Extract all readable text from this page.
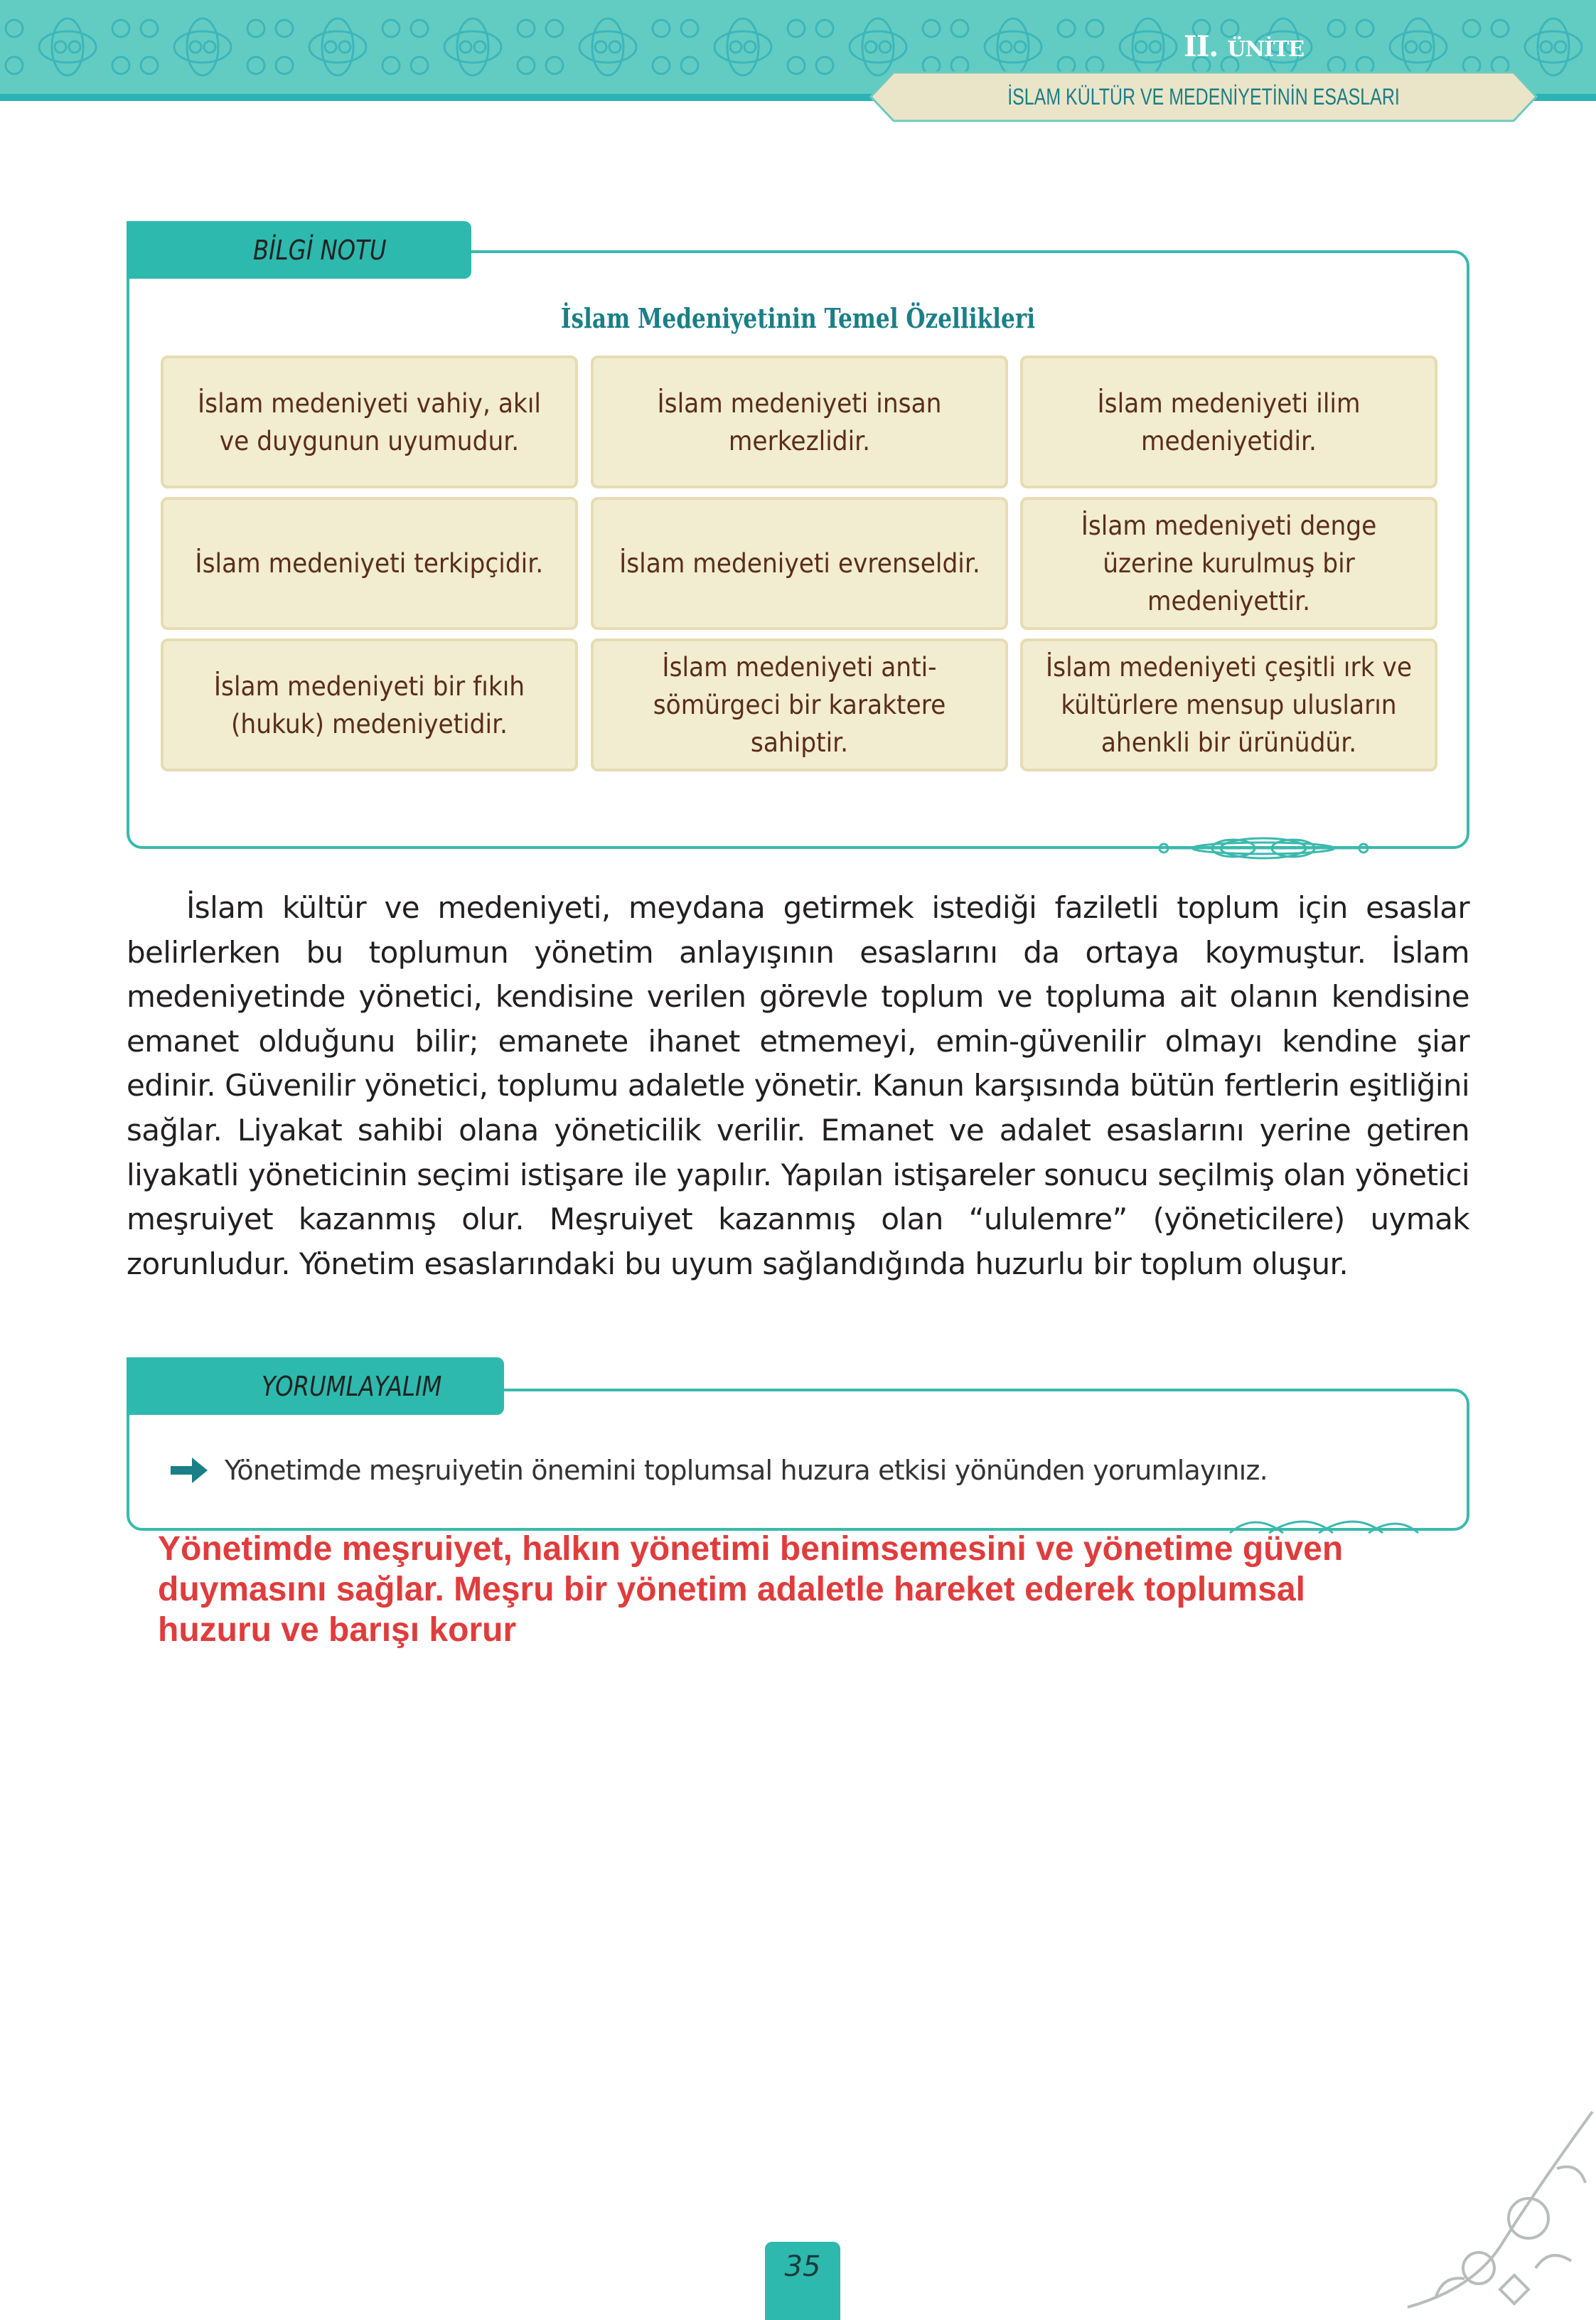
II. ÜNİTE
İSLAM KÜLTÜR VE MEDENİYETİNİN ESASLARI
BİLGİ NOTU
İslam Medeniyetinin Temel Özellikleri
İslam medeniyeti vahiy, akıl ve duygunun uyumudur.
İslam medeniyeti insan merkezlidir.
İslam medeniyeti ilim medeniyetidir.
İslam medeniyeti terkipçidir.	İslam medeniyeti evrenseldir.
İslam medeniyeti denge üzerine kurulmuş bir medeniyettir.
İslam medeniyeti bir fıkıh (hukuk) medeniyetidir.
İslam medeniyeti anti-sömürgeci bir karaktere sahiptir.
İslam medeniyeti çeşitli ırk ve kültürlere mensup ulusların ahenkli bir ürünüdür.
İslam kültür ve medeniyeti, meydana getirmek istediği faziletli toplum için esaslar belirlerken bu toplumun yönetim anlayışının esaslarını da ortaya koymuştur. İslam medeniyetinde yönetici, kendisine verilen görevle toplum ve topluma ait olanın kendisine emanet olduğunu bilir; emanete ihanet etmemeyi, emin-güvenilir olmayı kendine şiar edinir. Güvenilir yönetici, toplumu adaletle yönetir. Kanun karşısında bütün fertlerin eşitliğini sağlar. Liyakat sahibi olana yöneticilik verilir. Emanet ve adalet esaslarını yerine getiren liyakatli yöneticinin seçimi istişare ile yapılır. Yapılan istişareler sonucu seçilmiş olan yönetici meşruiyet kazanmış olur. Meşruiyet kazanmış olan “ululemre” (yöneticilere) uymak zorunludur. Yönetim esaslarındaki bu uyum sağlandığında huzurlu bir toplum oluşur.
YORUMLAYALIM
Yönetimde meşruiyetin önemini toplumsal huzura etkisi yönünden yorumlayınız.
Yönetimde meşruiyet, halkın yönetimi benimsemesini ve yönetime güven duymasını sağlar. Meşru bir yönetim adaletle hareket ederek toplumsal huzuru ve barışı korur
35
